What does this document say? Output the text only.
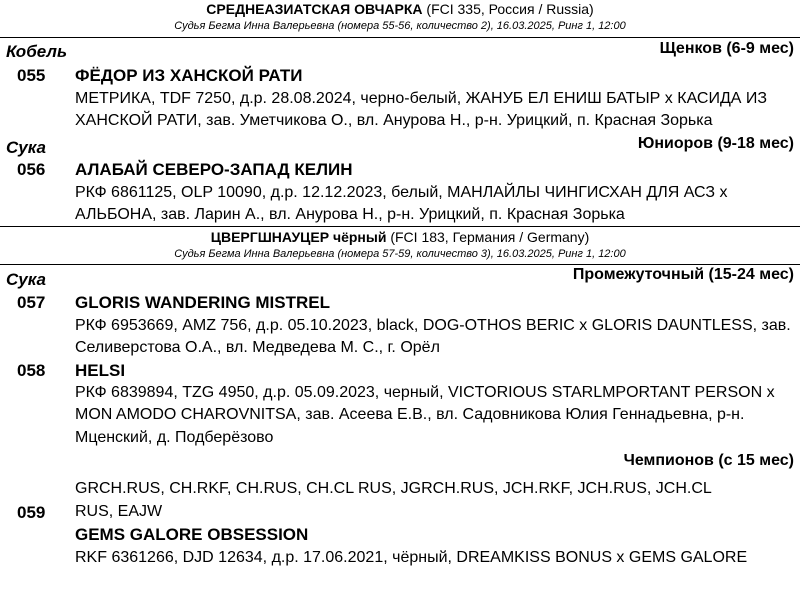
СРЕДНЕАЗИАТСКАЯ ОВЧАРКА (FCI 335, Россия / Russia)
Судья Бегма Инна Валерьевна (номера 55-56, количество 2), 16.03.2025, Ринг 1, 12:00
Кобель	Щенков (6-9 мес)
055 ФЁДОР ИЗ ХАНСКОЙ РАТИ
МЕТРИКА, TDF 7250, д.р. 28.08.2024, черно-белый, ЖАНУБ ЕЛ ЕНИШ БАТЫР x КАСИДА ИЗ
ХАНСКОЙ РАТИ, зав. Уметчикова О., вл. Анурова Н., р-н. Урицкий, п. Красная Зорька
Сука	Юниоров (9-18 мес)
056 АЛАБАЙ СЕВЕРО-ЗАПАД КЕЛИН
РКФ 6861125, OLP 10090, д.р. 12.12.2023, белый, МАНЛАЙЛЫ ЧИНГИСХАН ДЛЯ АСЗ x
АЛЬБОНА, зав. Ларин А., вл. Анурова Н., р-н. Урицкий, п. Красная Зорька
ЦВЕРГШНАУЦЕР чёрный (FCI 183, Германия / Germany)
Судья Бегма Инна Валерьевна (номера 57-59, количество 3), 16.03.2025, Ринг 1, 12:00
Сука	Промежуточный (15-24 мес)
057 GLORIS WANDERING MISTREL
РКФ 6953669, AMZ 756, д.р. 05.10.2023, black, DOG-OTHOS BERIC x GLORIS DAUNTLESS, зав.
Селиверстова О.А., вл. Медведева М. С., г. Орёл
058 HELSI
РКФ 6839894, TZG 4950, д.р. 05.09.2023, черный, VICTORIOUS STARLMPORTANT PERSON x
MON AMODO CHAROVNITSA, зав. Асеева Е.В., вл. Садовникова Юлия Геннадьевна, р-н.
Мценский, д. Подберёзово
Чемпионов (с 15 мес)
GRCH.RUS, CH.RKF, CH.RUS, CH.CL RUS, JGRCH.RUS, JCH.RKF, JCH.RUS, JCH.CL
059 RUS, EAJW
GEMS GALORE OBSESSION
RKF 6361266, DJD 12634, д.р. 17.06.2021, чёрный, DREAMKISS BONUS x GEMS GALORE
